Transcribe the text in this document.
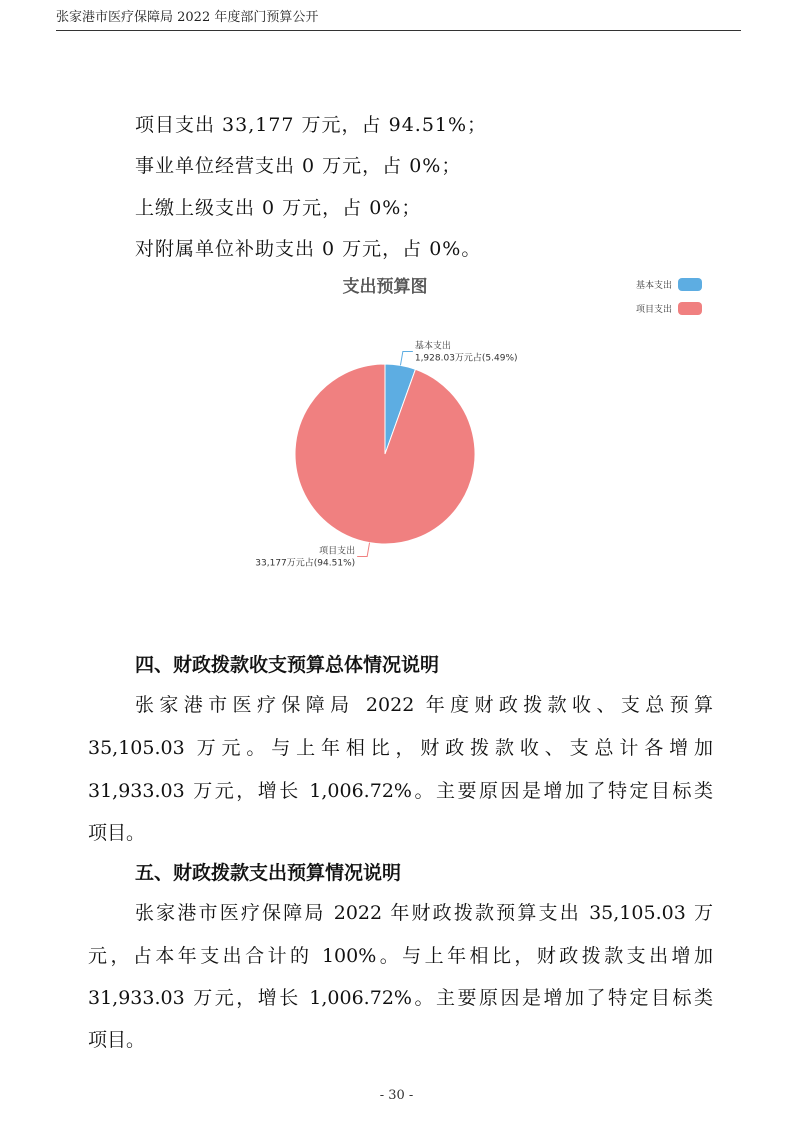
张家港市医疗保障局 2022 年度部门预算公开
项目支出 33,177 万元，占 94.51%；
事业单位经营支出 0 万元，占 0%；
上缴上级支出 0 万元，占 0%；
对附属单位补助支出 0 万元，占 0%。
支出预算图	基本支出
项目支出
基本支出
1,928.03万元占(5.49%)
项目支出
33,177万元占(94.51%)
四、财政拨款收支预算总体情况说明
张家港市医疗保障局 2022 年度财政拨款收、支总预算
35,105.03 万元。与上年相比，财政拨款收、支总计各增加
31,933.03 万元，增长 1,006.72%。主要原因是增加了特定目标类
项目。
五、财政拨款支出预算情况说明
张家港市医疗保障局 2022 年财政拨款预算支出 35,105.03 万
元，占本年支出合计的 100%。与上年相比，财政拨款支出增加
31,933.03 万元，增长 1,006.72%。主要原因是增加了特定目标类
项目。
- 30 -
